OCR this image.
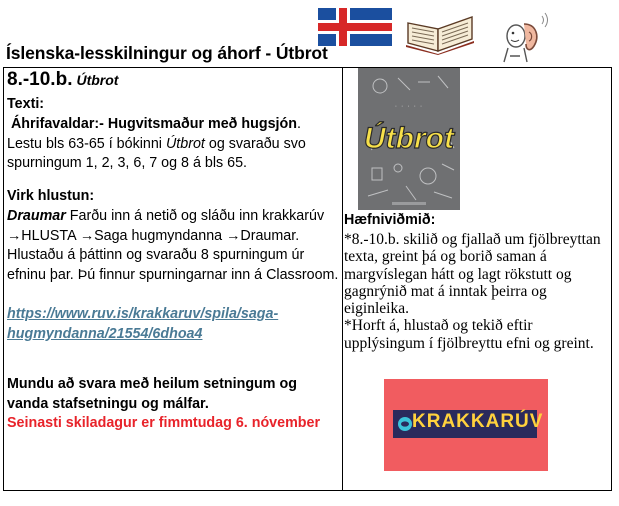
Íslenska-lesskilningur og áhorf - Útbrot
8.-10.b. Útbrot
Texti:
Áhrifavaldar:- Hugvitsmaður með hugsjón. Lestu bls 63-65 í bókinni Útbrot og svaraðu svo spurningum 1, 2, 3, 6, 7 og 8 á bls 65.
Virk hlustun:
Draumar Farðu inn á netið og sláðu inn krakkarúv →HLUSTA →Saga hugmyndanna →Draumar. Hlustaðu á þáttinn og svaraðu 8 spurningum úr efninu þar. Þú finnur spurningarnar inn á Classroom.
https://www.ruv.is/krakkaruv/spila/saga-hugmyndanna/21554/6dhoa4
Mundu að svara með heilum setningum og vanda stafsetningu og málfar.
Seinasti skiladagur er fimmtudag 6. nóvember
· · · · ·
Útbrot
Hæfniviðmið:
*8.-10.b. skilið og fjallað um fjölbreyttan texta, greint þá og borið saman á margvíslegan hátt og lagt rökstutt og gagnrýnið mat á inntak þeirra og eiginleika.
*Horft á, hlustað og tekið eftir upplýsingum í fjölbreyttu efni og greint.
KRAKKARÚV
